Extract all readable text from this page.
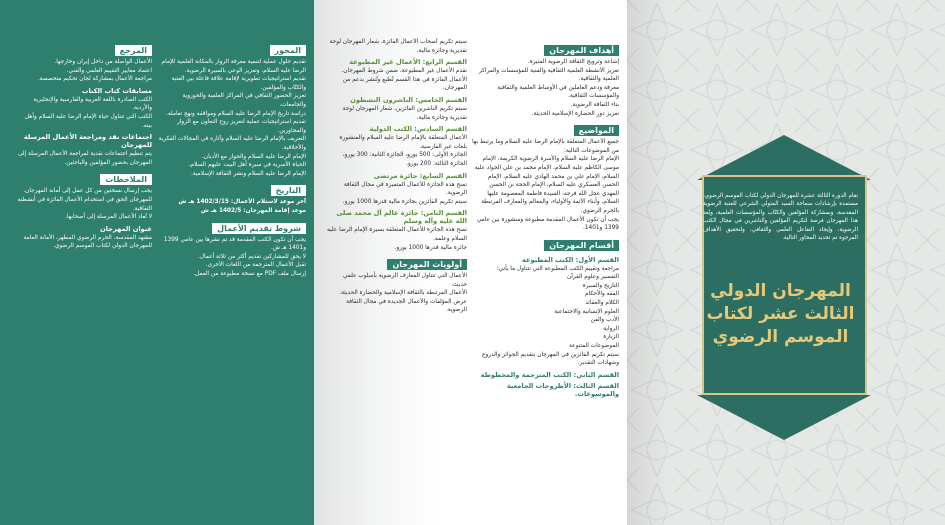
المحور

تقديم حلول عملية لتنمية معرفة الزوار بالمكانة العلمية للإمام الرضا عليه السلام، وتعزيز الوعي بالسيرة الرضوية.

تقديم استراتيجيات تطويرية لإقامة علاقة فاعلة بين العتبة والكتّاب والمؤلفين.

تعزيز الحضور الثقافي في المراكز العلمية والحوزوية والجامعات.

دراسة تاريخ الإمام الرضا عليه السلام ومواقفه ونهج تعامله.

تقديم استراتيجيات عملية لتعزيز روح التعاون مع الزوار والمجاورين.

التعريف بالإمام الرضا عليه السلام وآثاره في المجالات الفكرية والأخلاقية.

الإمام الرضا عليه السلام والحوار مع الأديان.

الحياة الأسرية في سيرة أهل البيت عليهم السلام.

الإمام الرضا عليه السلام ونشر الثقافة الإسلامية.

التاريخ

آخر موعد لاستلام الأعمال: 1402/3/15 هـ ش

موعد إقامة المهرجان: 1402/5 هـ ش

شروط تقديم الأعمال

يجب أن تكون الكتب المقدمة قد تم نشرها بين عامي 1399 و1401 هـ ش.

لا يحق للمشاركين تقديم أكثر من ثلاثة أعمال.

تقبل الأعمال المترجمة من اللغات الأخرى.

إرسال ملف PDF مع نسخة مطبوعة من العمل.

المرجع

الأعمال الواصلة من داخل إيران وخارجها.

اعتماد معايير التقييم العلمي والفني.

مراجعة الأعمال بمشاركة لجان تحكيم متخصصة.

مسابقات كتاب الكتاب

الكتب الصادرة باللغة العربية والفارسية والإنجليزية والأردية.

الكتب التي تتناول حياة الإمام الرضا عليه السلام وأهل بيته.

اجتماعات نقد ومراجعة الأعمال المرسلة للمهرجان

يتم تنظيم اجتماعات نقدية لمراجعة الأعمال المرسلة إلى المهرجان بحضور المؤلفين والباحثين.

الملاحظات

يجب إرسال نسختين من كل عمل إلى أمانة المهرجان.

للمهرجان الحق في استخدام الأعمال الفائزة في أنشطته الثقافية.

لا تُعاد الأعمال المرسلة إلى أصحابها.

عنوان المهرجان

مشهد المقدسة، الحرم الرضوي المطهر، الأمانة العامة للمهرجان الدولي لكتاب الموسم الرضوي.

أهداف المهرجان

إشاعة وترويج الثقافة الرضوية المنيرة.

تعزيز الأنشطة العلمية الثقافية والفنية للمؤسسات والمراكز العلمية والثقافية.

معرفة ودعم العاملين في الأوساط العلمية والثقافية والمؤسسات الثقافية.

بناء الثقافة الرضوية.

تعزيز دور الحضارة الإسلامية الحديثة.

المواضيع

جميع الأعمال المتعلقة بالإمام الرضا عليه السلام وما يرتبط بها من الموضوعات التالية:

الإمام الرضا عليه السلام والأسرة الرضوية الكريمة، الإمام موسى الكاظم عليه السلام، الإمام محمد بن علي الجواد عليه السلام، الإمام علي بن محمد الهادي عليه السلام، الإمام الحسن العسكري عليه السلام، الإمام الحجة بن الحسن المهدي عجل الله فرجه، السيدة فاطمة المعصومة عليها السلام، وأبناء الأئمة والأولياء، والمعالم والمعارف المرتبطة بالحرم الرضوي.

يجب أن تكون الأعمال المقدمة مطبوعة ومنشورة بين عامي 1399 و1401.

أقسام المهرجان
القسم الأول: الكتب المطبوعة

مراجعة وتقييم الكتب المطبوعة التي تتناول ما يأتي:

التفسير وعلوم القرآن

التاريخ والسيرة

الفقه والأحكام

الكلام والعقائد

العلوم الإنسانية والاجتماعية

الأدب والفن

الرواية

الزيارة

الموضوعات المتنوعة

سيتم تكريم الفائزين في المهرجان بتقديم الجوائز والدروع وشهادات التقدير.

القسم الثاني: الكتب المترجمة والمخطوطة
القسم الثالث: الأطروحات الجامعية والموسوعات.

سيتم تكريم أصحاب الأعمال الفائزة، شعار المهرجان لوحة تقديرية وجائزة مالية.

القسم الرابع: الأعمال غير المطبوعة

تقدم الأعمال غير المطبوعة، ضمن شروط المهرجان.

الأعمال الفائزة في هذا القسم تُطبع وتُنشر بدعم من المهرجان.

القسم الخامس: الناشرون النشطون

سيتم تكريم الناشرين الفائزين، شعار المهرجان لوحة تقديرية وجائزة مالية.

القسم السادس: الكتب الدولية

الأعمال المتعلقة بالإمام الرضا عليه السلام والمنشورة بلغات غير الفارسية.

الجائزة الأولى: 500 يورو، الجائزة الثانية: 300 يورو، الجائزة الثالثة: 200 يورو.

القسم السابع: جائزة مرتضى

تمنح هذه الجائزة للأعمال المتميزة في مجال الثقافة الرضوية.

سيتم تكريم الفائزين بجائزة مالية قدرها 1000 يورو.

القسم الثامن: جائزة عالم آل محمد صلى الله عليه وآله وسلم

تمنح هذه الجائزة للأعمال المتعلقة بسيرة الإمام الرضا عليه السلام وعلمه.

جائزة مالية قدرها 1000 يورو.

أولويات المهرجان

الأعمال التي تتناول المعارف الرضوية بأسلوب علمي حديث.

الأعمال المرتبطة بالثقافة الإسلامية والحضارة الحديثة.

عرض المؤلفات والأعمال الجديدة في مجال الثقافة الرضوية.

تقام الدورة الثالثة عشرة للمهرجان الدولي لكتاب الموسم الرضوي، مستمدة بإرشادات سماحة السيد المتولي الشرعي للعتبة الرضوية المقدسة، وبمشاركة المؤلفين والكتّاب والمؤسسات العلمية، ويُعد هذا المهرجان فرصة لتكريم المؤلفين والناشرين في مجال الكتب الرضوية، وإيجاد التفاعل العلمي والثقافي، ولتحقيق الأهداف المرجوة تم تحديد المحاور التالية.
المهرجان الدولي
الثالث عشر لكتاب
الموسم الرضوي
